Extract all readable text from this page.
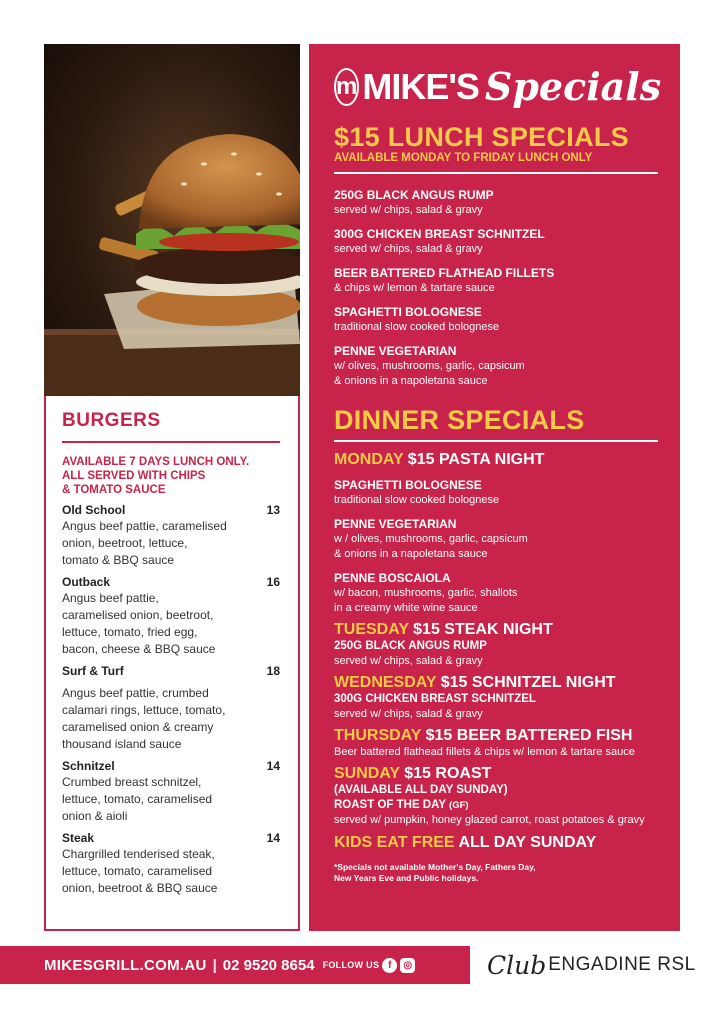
BURGERS
AVAILABLE 7 DAYS LUNCH ONLY.
ALL SERVED WITH CHIPS
& TOMATO SAUCE
Old School	13
Angus beef pattie, caramelised
onion, beetroot, lettuce,
tomato & BBQ sauce
Outback	16
Angus beef pattie,
caramelised onion, beetroot,
lettuce, tomato, fried egg,
bacon, cheese & BBQ sauce
Surf & Turf	18
Angus beef pattie, crumbed
calamari rings, lettuce, tomato,
caramelised onion & creamy
thousand island sauce
Schnitzel	14
Crumbed breast schnitzel,
lettuce, tomato, caramelised
onion & aioli
Steak	14
Chargrilled tenderised steak,
lettuce, tomato, caramelised
onion, beetroot & BBQ sauce
m MIKE'S Specials
$15 LUNCH SPECIALS
AVAILABLE MONDAY TO FRIDAY LUNCH ONLY
250G BLACK ANGUS RUMP
served w/ chips, salad & gravy
300G CHICKEN BREAST SCHNITZEL
served w/ chips, salad & gravy
BEER BATTERED FLATHEAD FILLETS
& chips w/ lemon & tartare sauce
SPAGHETTI BOLOGNESE
traditional slow cooked bolognese
PENNE VEGETARIAN
w/ olives, mushrooms, garlic, capsicum
& onions in a napoletana sauce
DINNER SPECIALS
MONDAY $15 PASTA NIGHT
SPAGHETTI BOLOGNESE
traditional slow cooked bolognese
PENNE VEGETARIAN
w / olives, mushrooms, garlic, capsicum
& onions in a napoletana sauce
PENNE BOSCAIOLA
w/ bacon, mushrooms, garlic, shallots
in a creamy white wine sauce
TUESDAY $15 STEAK NIGHT
250G BLACK ANGUS RUMP
served w/ chips, salad & gravy
WEDNESDAY $15 SCHNITZEL NIGHT
300G CHICKEN BREAST SCHNITZEL
served w/ chips, salad & gravy
THURSDAY $15 BEER BATTERED FISH
Beer battered flathead fillets & chips w/ lemon & tartare sauce
SUNDAY $15 ROAST
(AVAILABLE ALL DAY SUNDAY)
ROAST OF THE DAY (GF)
served w/ pumpkin, honey glazed carrot, roast potatoes & gravy
KIDS EAT FREE ALL DAY SUNDAY
*Specials not available Mother's Day, Fathers Day,
New Years Eve and Public holidays.
MIKESGRILL.COM.AU | 02 9520 8654 FOLLOW US f	◎	Club ENGADINE RSL
